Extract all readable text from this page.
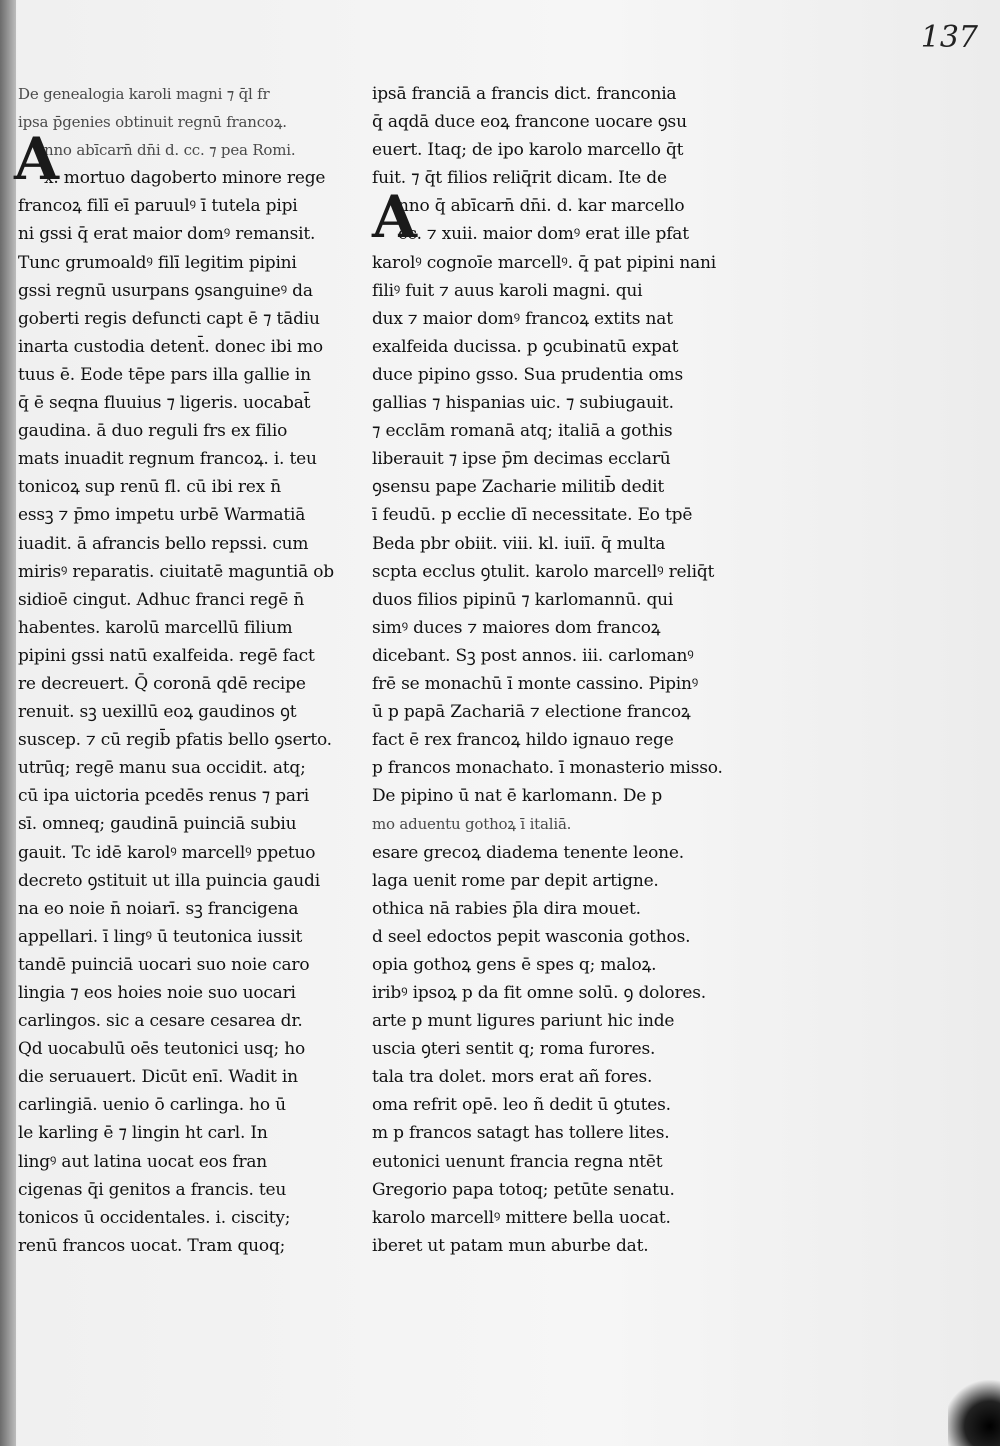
137
De genealogia karoli magni ⁊ q̄l fr
ipsa p̄genies obtinuit regnū francoꝝ.
nno abīcarn̄ dn̄i d. cc. ⁊ pea Romi.
x. mortuo dagoberto minore rege
francoꝝ filī eī paruulꝰ ī tutela pipi
ni gssi q̄ erat maior domꝰ remansit.
Tunc grumoaldꝰ filī legitim pipini
gssi regnū usurpans ꝯsanguineꝰ da
goberti regis defuncti capt ē ⁊ tādiu
inarta custodia detent̄. donec ibi mo
tuus ē. Eode tēpe pars illa gallie in
q̄ ē seqna fluuius ⁊ ligeris. uocabat̄
gaudina. ā duo reguli frs ex filio
mats inuadit regnum francoꝝ. i. teu
tonicoꝝ sup renū fl. cū ibi rex n̄
essꝫ ⁊ p̄mo impetu urbē Warmatiā
iuadit. ā afrancis bello repssi. cum
mirisꝰ reparatis. ciuitatē maguntiā ob
sidioē cingut. Adhuc franci regē n̄
habentes. karolū marcellū filium
pipini gssi natū exalfeida. regē fact
re decreuert. Q̄ coronā qdē recipe
renuit. sꝫ uexillū eoꝝ gaudinos ꝯt
suscep. ⁊ cū regib̄ pfatis bello ꝯserto.
utrūq; regē manu sua occidit. atq;
cū ipa uictoria pcedēs renus ⁊ pari
sī. omneq; gaudinā puinciā subiu
gauit. Tc idē karolꝰ marcellꝰ ppetuo
decreto ꝯstituit ut illa puincia gaudi
na eo noie n̄ noiarī. sꝫ francigena
appellari. ī lingꝰ ū teutonica iussit
tandē puinciā uocari suo noie caro
lingia ⁊ eos hoies noie suo uocari
carlingos. sic a cesare cesarea dr.
Qd uocabulū oēs teutonici usq; ho
die seruauert. Dicūt enī. Wadit in
carlingiā. uenio ō carlinga. ho ū
le karling ē ⁊ lingin ht carl. In
lingꝰ aut latina uocat eos fran
cigenas q̄i genitos a francis. teu
tonicos ū occidentales. i. ciscity;
renū francos uocat. Tram quoq;
ipsā franciā a francis dict. franconia
q̄ aqdā duce eoꝝ francone uocare ꝯsu
euert. Itaq; de ipo karolo marcello q̄t
fuit. ⁊ q̄t filios reliq̄rit dicam. Ite de
nno q̄ abīcarn̄ dn̄i. d. kar marcello
cc. ⁊ xuii. maior domꝰ erat ille pfat
karolꝰ cognoīe marcellꝰ. q̄ pat pipini nani
filiꝰ fuit ⁊ auus karoli magni. qui
dux ⁊ maior domꝰ francoꝝ extits nat
exalfeida ducissa. p ꝯcubinatū expat
duce pipino gsso. Sua prudentia oms
gallias ⁊ hispanias uic. ⁊ subiugauit.
⁊ ecclām romanā atq; italiā a gothis
liberauit ⁊ ipse p̄m decimas ecclarū
ꝯsensu pape Zacharie militib̄ dedit
ī feudū. p ecclie dī necessitate. Eo tpē
Beda pbr obiit. viii. kl. iuiī. q̄ multa
scpta ecclus ꝯtulit. karolo marcellꝰ reliq̄t
duos filios pipinū ⁊ karlomannū. qui
simꝰ duces ⁊ maiores dom francoꝝ
dicebant. Sꝫ post annos. iii. carlomanꝰ
frē se monachū ī monte cassino. Pipinꝰ
ū p papā Zachariā ⁊ electione francoꝝ
fact ē rex francoꝝ hildo ignauo rege
p francos monachato. ī monasterio misso.
De pipino ū nat ē karlomann. De p
mo aduentu gothoꝝ ī italiā.
esare grecoꝝ diadema tenente leone.
laga uenit rome par depit artigne.
othica nā rabies p̄la dira mouet.
d seel edoctos pepit wasconia gothos.
opia gothoꝝ gens ē spes q; maloꝝ.
iribꝰ ipsoꝝ p da fit omne solū. ꝯ dolores.
arte p munt ligures pariunt hic inde
uscia ꝯteri sentit q; roma furores.
tala tra dolet. mors erat añ fores.
oma refrit opē. leo ñ dedit ū ꝯtutes.
m p francos satagt has tollere lites.
eutonici uenunt francia regna ntēt
Gregorio papa totoq; petūte senatu.
karolo marcellꝰ mittere bella uocat.
iberet ut patam mun aburbe dat.
A
A
